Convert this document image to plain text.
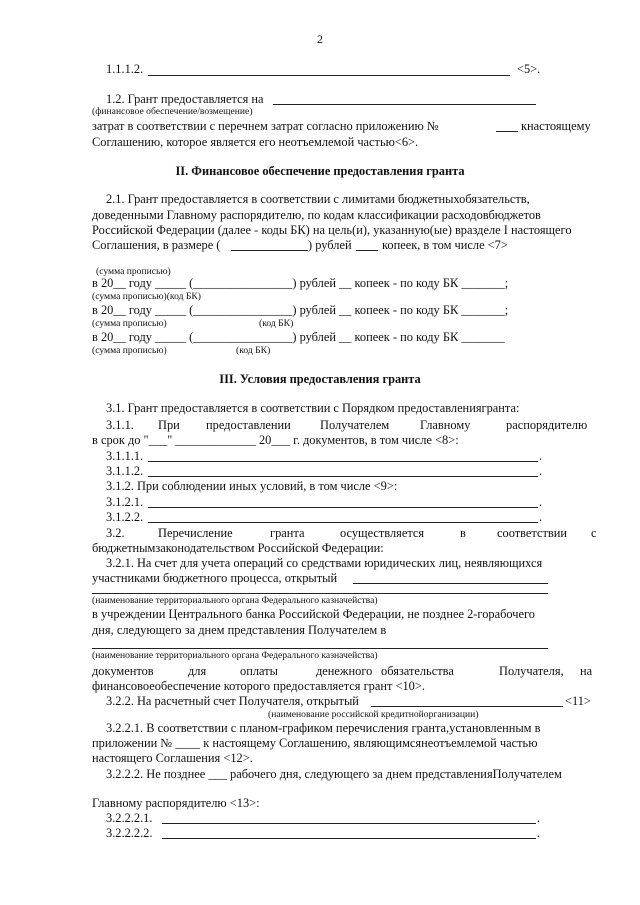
2
1.1.1.2.	<5>.
1.2. Грант предоставляется на
(финансовое обеспечение/возмещение)
затрат в соответствии с перечнем затрат согласно приложению №	кнастоящему
Соглашению, которое является его неотъемлемой частью<6>.
II. Финансовое обеспечение предоставления гранта
2.1. Грант предоставляется в соответствии с лимитами бюджетныхобязательств,
доведенными Главному распорядителю, по кодам классификации расходовбюджетов
Российской Федерации (далее - коды БК) на цель(и), указанную(ые) вразделе I настоящего
Соглашения, в размере (	) рублей копеек, в том числе <7>
(сумма прописью)
в 20__ году _____ (________________) рублей __ копеек - по коду БК _______;
(сумма прописью)(код БК)
в 20__ году _____ (________________) рублей __ копеек - по коду БК _______;
(сумма прописью)	(код БК)
в 20__ году _____ (________________) рублей __ копеек - по коду БК _______
(сумма прописью)	(код БК)
III. Условия предоставления гранта
3.1. Грант предоставляется в соответствии с Порядком предоставлениягранта:
3.1.1. При предоставлении Получателем Главному	распорядителю
в срок до "___" _____________ 20___ г. документов, в том числе <8>:
3.1.1.1.	.
3.1.1.2.	.
3.1.2. При соблюдении иных условий, в том числе <9>:
3.1.2.1.	.
3.1.2.2.	.
3.2.	Перечисление	гранта	осуществляется	в	соответствии с
бюджетнымзаконодательством Российской Федерации:
3.2.1. На счет для учета операций со средствами юридических лиц, неявляющихся
участниками бюджетного процесса, открытый
(наименование территориального органа Федерального казначейства)
в учреждении Центрального банка Российской Федерации, не позднее 2-горабочего
дня, следующего за днем представления Получателем в
(наименование территориального органа Федерального казначейства)
документов	для	оплаты	денежного обязательства	Получателя, на
финансовоеобеспечение которого предоставляется грант <10>.
3.2.2. На расчетный счет Получателя, открытый	<11>
(наименование российской кредитнойорганизации)
3.2.2.1. В соответствии с планом-графиком перечисления гранта,установленным в
приложении № ____ к настоящему Соглашению, являющимсянеотъемлемой частью
настоящего Соглашения <12>.
3.2.2.2. Не позднее ___ рабочего дня, следующего за днем представленияПолучателем
Главному распорядителю <13>:
3.2.2.2.1.	.
3.2.2.2.2.	.
